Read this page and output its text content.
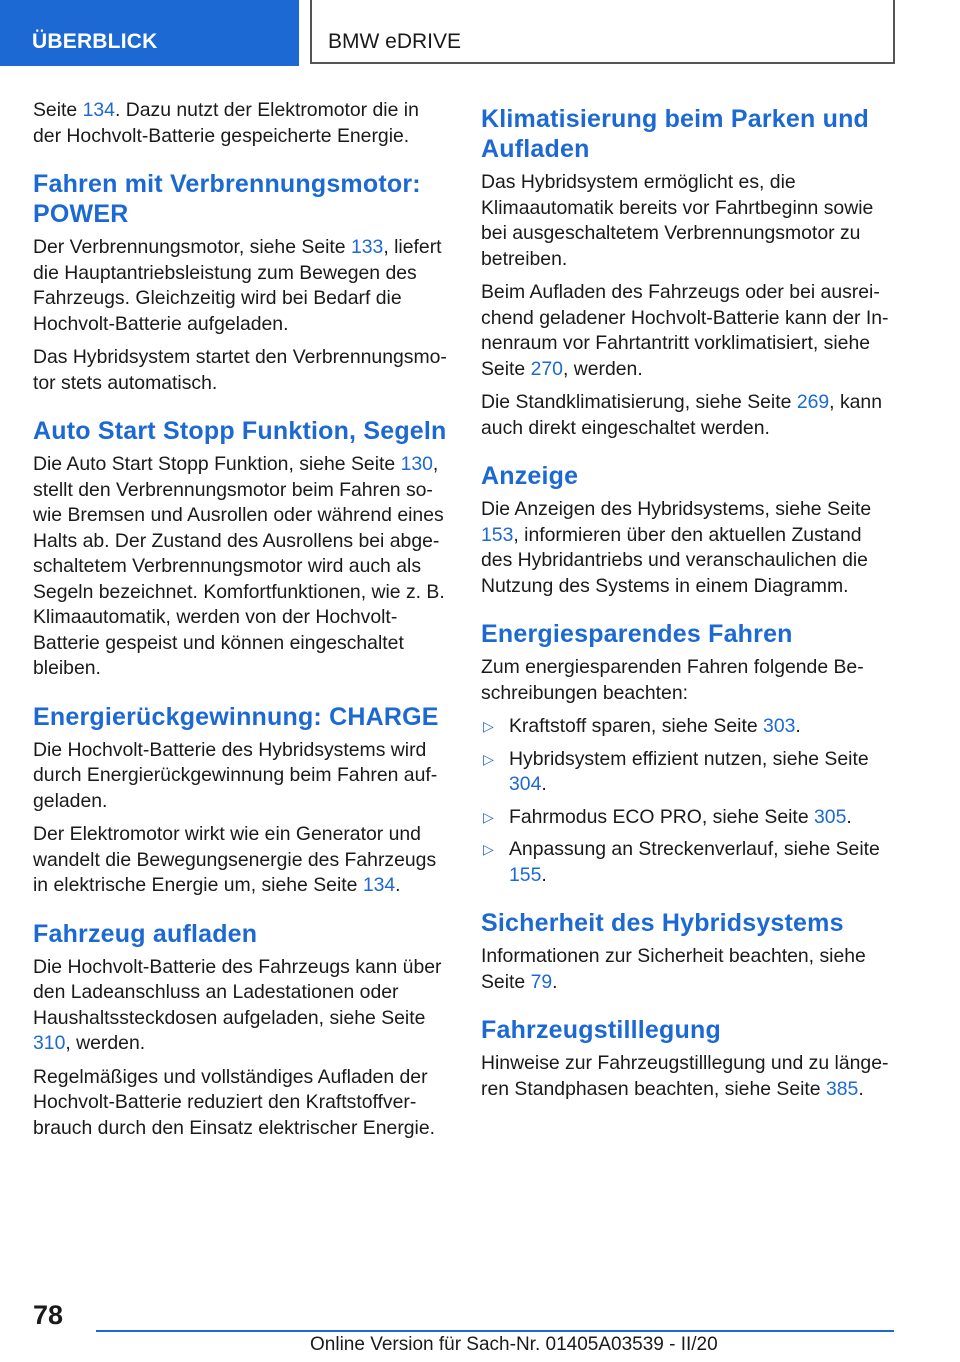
ÜBERBLICK	BMW eDRIVE

Seite 134. Dazu nutzt der Elektromotor die in der Hochvolt-Batterie gespeicherte Energie.

Fahren mit Verbrennungsmotor: POWER

Der Verbrennungsmotor, siehe Seite 133, liefert die Hauptantriebsleistung zum Bewegen des Fahrzeugs. Gleichzeitig wird bei Bedarf die Hochvolt-Batterie aufgeladen.

Das Hybridsystem startet den Verbrennungsmotor stets automatisch.

Auto Start Stopp Funktion, Segeln

Die Auto Start Stopp Funktion, siehe Seite 130, stellt den Verbrennungsmotor beim Fahren sowie Bremsen und Ausrollen oder während eines Halts ab. Der Zustand des Ausrollens bei abgeschaltetem Verbrennungsmotor wird auch als Segeln bezeichnet. Komfortfunktionen, wie z. B. Klimaautomatik, werden von der Hochvolt-Batterie gespeist und können eingeschaltet bleiben.

Energierückgewinnung: CHARGE

Die Hochvolt-Batterie des Hybridsystems wird durch Energierückgewinnung beim Fahren aufgeladen.

Der Elektromotor wirkt wie ein Generator und wandelt die Bewegungsenergie des Fahrzeugs in elektrische Energie um, siehe Seite 134.

Fahrzeug aufladen

Die Hochvolt-Batterie des Fahrzeugs kann über den Ladeanschluss an Ladestationen oder Haushaltssteckdosen aufgeladen, siehe Seite 310, werden.

Regelmäßiges und vollständiges Aufladen der Hochvolt-Batterie reduziert den Kraftstoffverbrauch durch den Einsatz elektrischer Energie.

Klimatisierung beim Parken und Aufladen

Das Hybridsystem ermöglicht es, die Klimaautomatik bereits vor Fahrtbeginn sowie bei ausgeschaltetem Verbrennungsmotor zu betreiben.

Beim Aufladen des Fahrzeugs oder bei ausreichend geladener Hochvolt-Batterie kann der Innenraum vor Fahrtantritt vorklimatisiert, siehe Seite 270, werden.

Die Standklimatisierung, siehe Seite 269, kann auch direkt eingeschaltet werden.

Anzeige

Die Anzeigen des Hybridsystems, siehe Seite 153, informieren über den aktuellen Zustand des Hybridantriebs und veranschaulichen die Nutzung des Systems in einem Diagramm.

Energiesparendes Fahren

Zum energiesparenden Fahren folgende Beschreibungen beachten:

▷ Kraftstoff sparen, siehe Seite 303.
▷ Hybridsystem effizient nutzen, siehe Seite 304.
▷ Fahrmodus ECO PRO, siehe Seite 305.
▷ Anpassung an Streckenverlauf, siehe Seite 155.
Sicherheit des Hybridsystems

Informationen zur Sicherheit beachten, siehe Seite 79.

Fahrzeugstilllegung

Hinweise zur Fahrzeugstilllegung und zu längeren Standphasen beachten, siehe Seite 385.

78
Online Version für Sach-Nr. 01405A03539 - II/20
